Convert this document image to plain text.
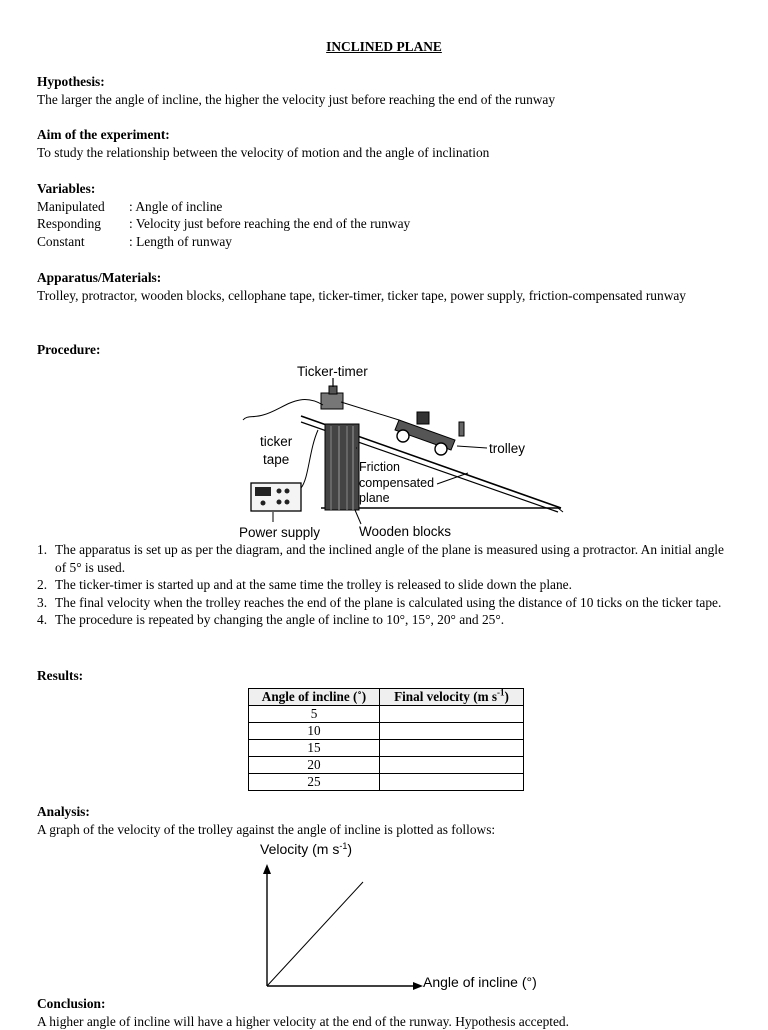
INCLINED PLANE
Hypothesis:
The larger the angle of incline, the higher the velocity just before reaching the end of the runway
Aim of the experiment:
To study the relationship between the velocity of motion and the angle of inclination
Variables:
Manipulated	: Angle of incline
Responding	: Velocity just before reaching the end of the runway
Constant	: Length of runway
Apparatus/Materials:
Trolley, protractor, wooden blocks, cellophane tape, ticker-timer, ticker tape, power supply, friction-compensated runway
Procedure:
Ticker-timer
ticker
tape
trolley
Friction
compensated
plane
Power supply	Wooden blocks
1. The apparatus is set up as per the diagram, and the inclined angle of the plane is measured using a protractor. An initial angle of 5° is used.
2. The ticker-timer is started up and at the same time the trolley is released to slide down the plane.
3. The final velocity when the trolley reaches the end of the plane is calculated using the distance of 10 ticks on the ticker tape.
4. The procedure is repeated by changing the angle of incline to 10°, 15°, 20° and 25°.
Results:
Angle of incline (˚)	Final velocity (m $s^{-1}$)
5	
10	
15	
20	
25	
Analysis:
A graph of the velocity of the trolley against the angle of incline is plotted as follows:
Velocity (m $s^{-1}$)
Angle of incline (°)
Conclusion:
A higher angle of incline will have a higher velocity at the end of the runway. Hypothesis accepted.
